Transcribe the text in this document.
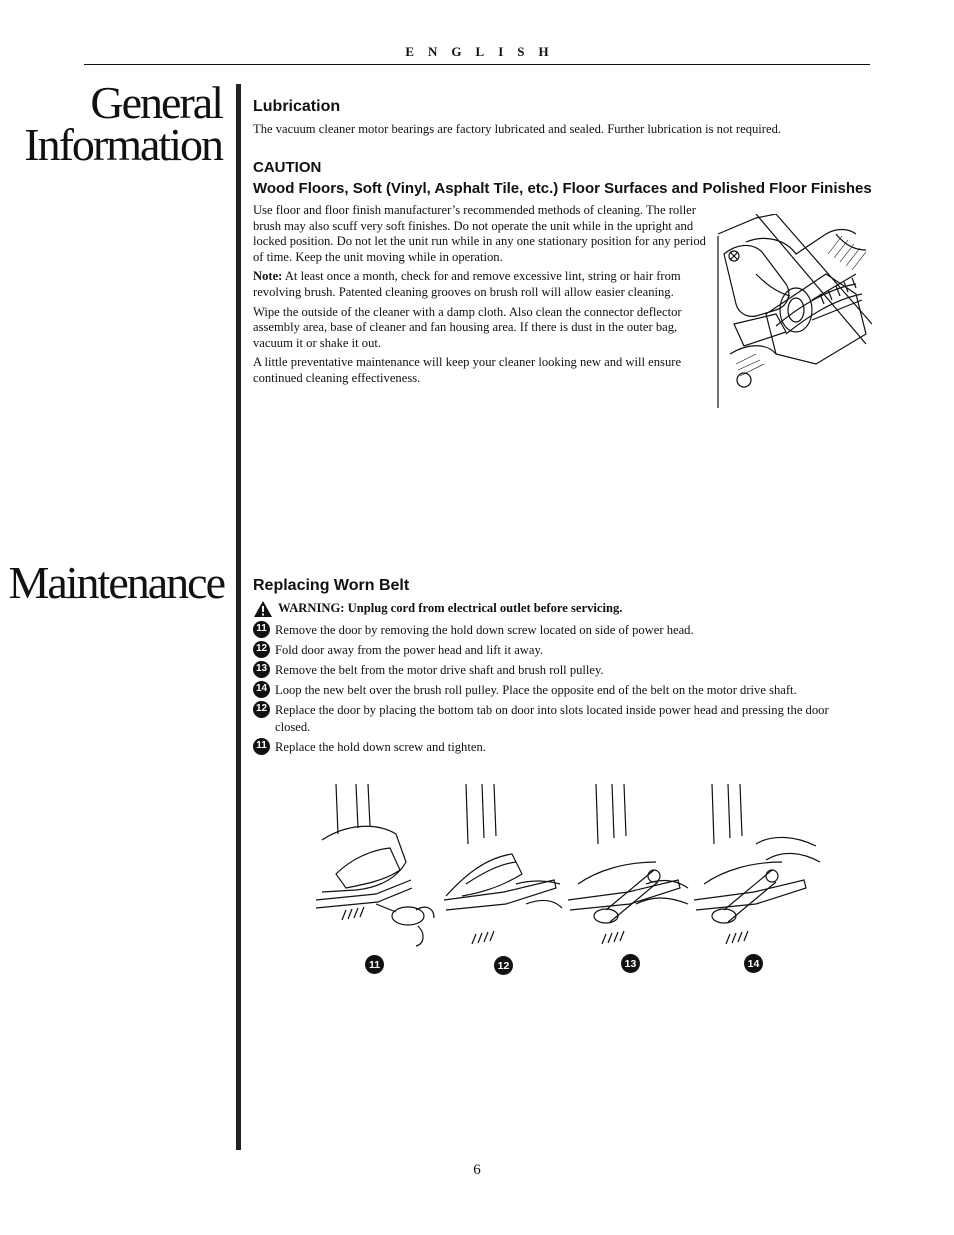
ENGLISH
General
Information
Lubrication

The vacuum cleaner motor bearings are factory lubricated and sealed. Further lubrication is not required.

CAUTION
Wood Floors, Soft (Vinyl, Asphalt Tile, etc.) Floor Surfaces and Polished Floor Finishes

Use floor and floor finish manufacturer’s recommended methods of cleaning. The roller brush may also scuff very soft finishes. Do not operate the unit while in the upright and locked position. Do not let the unit run while in any one stationary position for any period of time. Keep the unit moving while in operation.

Note: At least once a month, check for and remove excessive lint, string or hair from revolving brush. Patented cleaning grooves on brush roll will allow easier cleaning.

Wipe the outside of the cleaner with a damp cloth. Also clean the connector deflector assembly area, base of cleaner and fan housing area. If there is dust in the outer bag, vacuum it or shake it out.

A little preventative maintenance will keep your cleaner looking new and will ensure continued cleaning effectiveness.

Maintenance Replacing Worn Belt
WARNING: Unplug cord from electrical outlet before servicing.
11 Remove the door by removing the hold down screw located on side of power head.
12 Fold door away from the power head and lift it away.
13 Remove the belt from the motor drive shaft and brush roll pulley.
14 Loop the new belt over the brush roll pulley. Place the opposite end of the belt on the motor drive shaft.
12 Replace the door by placing the bottom tab on door into slots located inside power head and pressing the door closed.
11 Replace the hold down screw and tighten.
11	12	13	14
6
